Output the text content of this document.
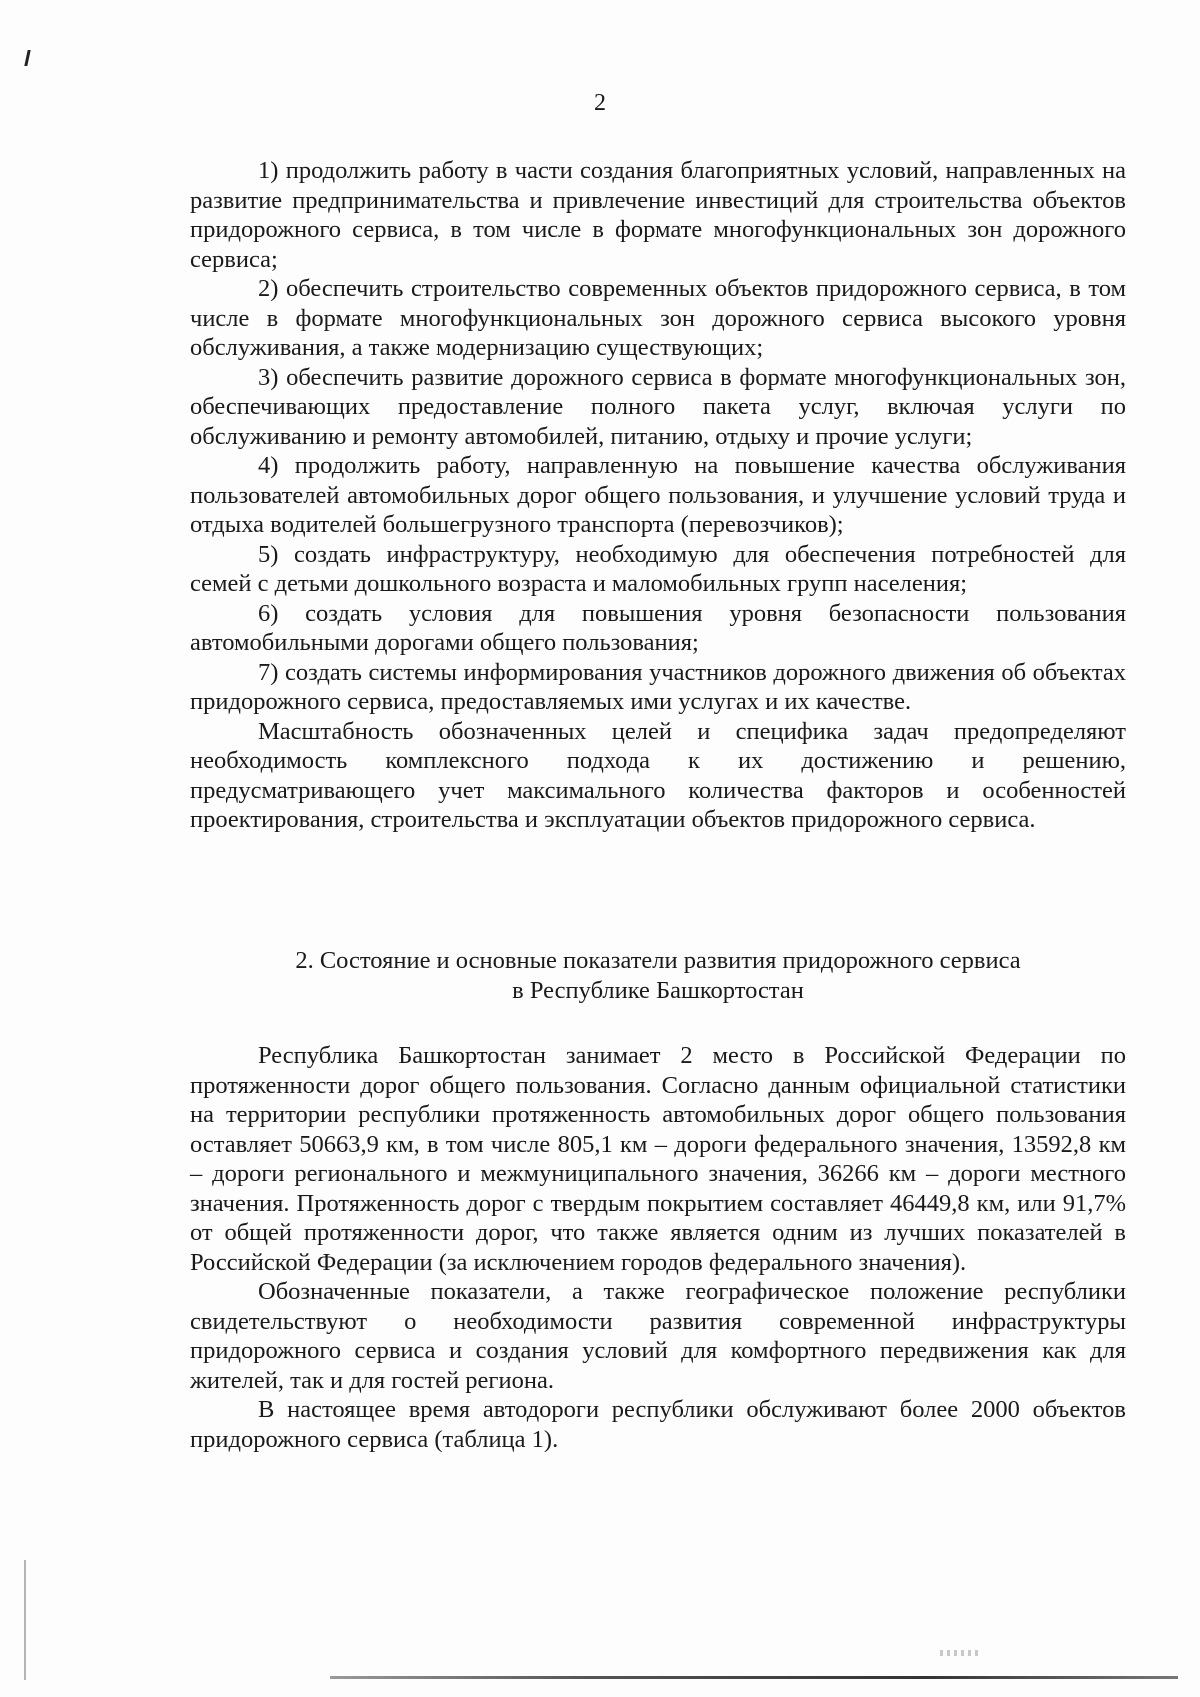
2

1) продолжить работу в части создания благоприятных условий, направленных на развитие предпринимательства и привлечение инвестиций для строительства объектов придорожного сервиса, в том числе в формате многофункциональных зон дорожного сервиса;

2) обеспечить строительство современных объектов придорожного сервиса, в том числе в формате многофункциональных зон дорожного сервиса высокого уровня обслуживания, а также модернизацию существующих;

3) обеспечить развитие дорожного сервиса в формате многофункциональных зон, обеспечивающих предоставление полного пакета услуг, включая услуги по обслуживанию и ремонту автомобилей, питанию, отдыху и прочие услуги;

4) продолжить работу, направленную на повышение качества обслуживания пользователей автомобильных дорог общего пользования, и улучшение условий труда и отдыха водителей большегрузного транспорта (перевозчиков);

5) создать инфраструктуру, необходимую для обеспечения потребностей для семей с детьми дошкольного возраста и маломобильных групп населения;

6) создать условия для повышения уровня безопасности пользования автомобильными дорогами общего пользования;

7) создать системы информирования участников дорожного движения об объектах придорожного сервиса, предоставляемых ими услугах и их качестве.

Масштабность обозначенных целей и специфика задач предопределяют необходимость комплексного подхода к их достижению и решению, предусматривающего учет максимального количества факторов и особенностей проектирования, строительства и эксплуатации объектов придорожного сервиса.

2. Состояние и основные показатели развития придорожного сервиса
в Республике Башкортостан

Республика Башкортостан занимает 2 место в Российской Федерации по протяженности дорог общего пользования. Согласно данным официальной статистики на территории республики протяженность автомобильных дорог общего пользования оставляет 50663,9 км, в том числе 805,1 км – дороги федерального значения, 13592,8 км – дороги регионального и межмуниципального значения, 36266 км – дороги местного значения. Протяженность дорог с твердым покрытием составляет 46449,8 км, или 91,7% от общей протяженности дорог, что также является одним из лучших показателей в Российской Федерации (за исключением городов федерального значения).

Обозначенные показатели, а также географическое положение республики свидетельствуют о необходимости развития современной инфраструктуры придорожного сервиса и создания условий для комфортного передвижения как для жителей, так и для гостей региона.

В настоящее время автодороги республики обслуживают более 2000 объектов придорожного сервиса (таблица 1).
